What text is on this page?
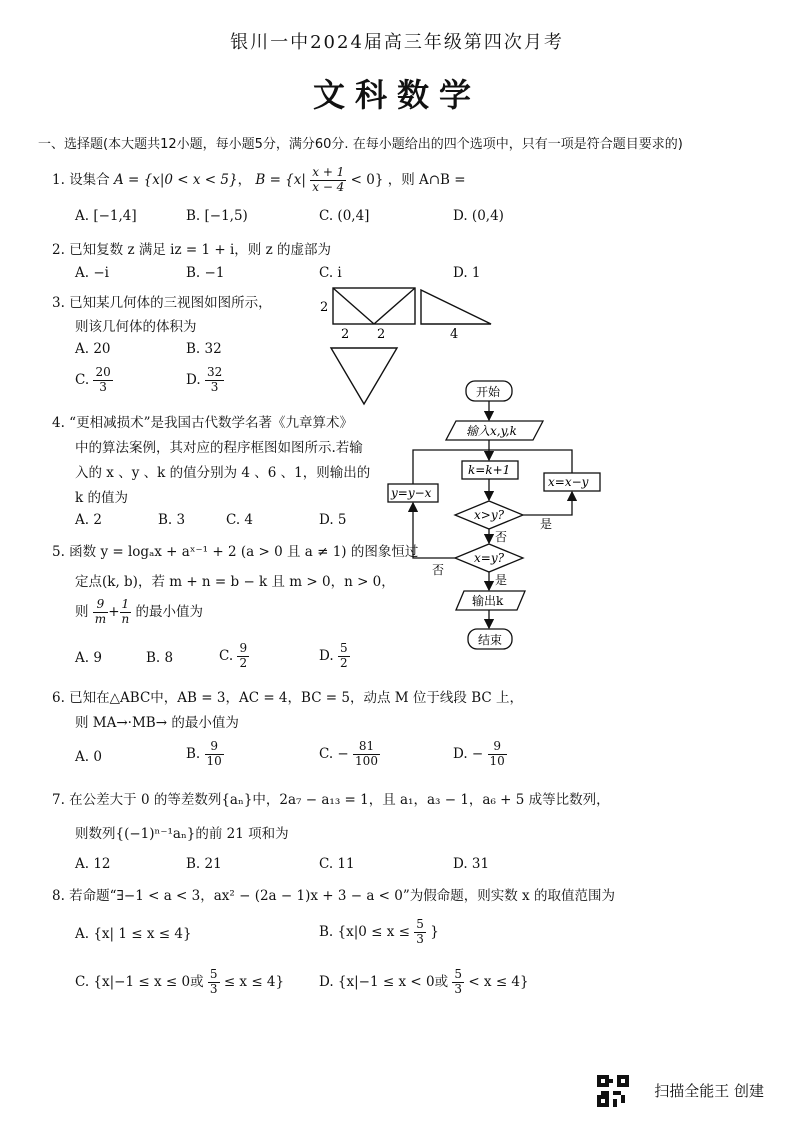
银川一中2024届高三年级第四次月考
文科数学
一、选择题(本大题共12小题，每小题5分，满分60分. 在每小题给出的四个选项中，只有一项是符合题目要求的)
1. 设集合 A = {x|0 < x < 5}， $B = \{x| \frac{x + 1}{x - 4} < 0\}$ ，则 A∩B =
A. [−1,4]	B. [−1,5)	C. (0,4]	D. (0,4)
2. 已知复数 z 满足 iz = 1 + i，则 z 的虚部为
A. −i	B. −1	C. i	D. 1
3. 已知某几何体的三视图如图所示，
则该几何体的体积为
A. 20	B. 32
C. $\frac{20}{3}$	D. $\frac{32}{3}$
2
2 2	4
4. “更相减损术”是我国古代数学名著《九章算术》
中的算法案例，其对应的程序框图如图所示.若输
入的 x 、y 、k 的值分别为 4 、6 、1，则输出的
k 的值为
A. 2	B. 3	C. 4	D. 5
开始
输入x,y,k
k=k+1
x=x−y
y=y−x
x>y?
是
否
x=y?
否
是
输出k
结束
5. 函数 y = logₐx + aˣ⁻¹ + 2 (a > 0 且 a ≠ 1) 的图象恒过
定点(k, b)，若 m + n = b − k 且 m > 0，n > 0，
则 $\frac{9}{m} + \frac{1}{n}$ 的最小值为
A. 9	B. 8	C. $\frac{9}{2}$	D. $\frac{5}{2}$
6. 已知在△ABC中，AB = 3，AC = 4，BC = 5，动点 M 位于线段 BC 上，
则 MA→·MB→ 的最小值为
A. 0	B. $\frac{9}{10}$	C. − $\frac{81}{100}$	D. − $\frac{9}{10}$
7. 在公差大于 0 的等差数列{aₙ}中，2a₇ − a₁₃ = 1，且 a₁，a₃ − 1，a₆ + 5 成等比数列，
则数列{(−1)ⁿ⁻¹aₙ}的前 21 项和为
A. 12	B. 21	C. 11	D. 31
8. 若命题“∃−1 < a < 3，ax² − (2a − 1)x + 3 − a < 0”为假命题，则实数 x 的取值范围为
A. {x| 1 ≤ x ≤ 4}	B. {$x|0 \le x \le \frac{5}{3}$ }
C. {x|−1 ≤ x ≤ 0或 $\frac{5}{3} \le x \le 4$}	D. {x|−1 ≤ x < 0或 $\frac{5}{3} < x \le 4$}
扫描全能王 创建
